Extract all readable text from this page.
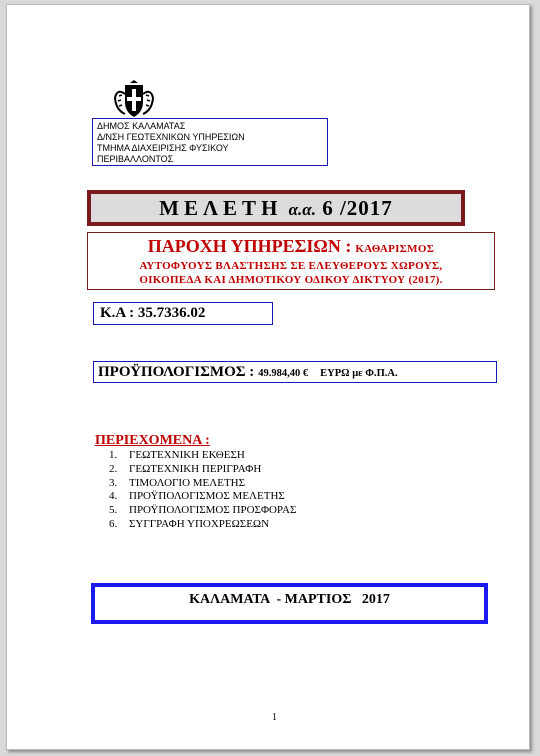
ΔΗΜΟΣ ΚΑΛΑΜΑΤΑΣ
Δ/ΝΣΗ ΓΕΩΤΕΧΝΙΚΩΝ ΥΠΗΡΕΣΙΩΝ
ΤΜΗΜΑ ΔΙΑΧΕΙΡΙΣΗΣ ΦΥΣΙΚΟΥ
ΠΕΡΙΒΑΛΛΟΝΤΟΣ
ΜΕΛΕΤΗ α.α. 6 /2017
ΠΑΡΟΧΗ ΥΠΗΡΕΣΙΩΝ : ΚΑΘΑΡΙΣΜΟΣ
ΑΥΤΟΦΥΟΥΣ ΒΛΑΣΤΗΣΗΣ ΣΕ ΕΛΕΥΘΕΡΟΥΣ ΧΩΡΟΥΣ,
ΟΙΚΟΠΕΔΑ ΚΑΙ ΔΗΜΟΤΙΚΟΥ ΟΔΙΚΟΥ ΔΙΚΤΥΟΥ (2017).
Κ.Α : 35.7336.02
ΠΡΟΫΠΟΛΟΓΙΣΜΟΣ : 49.984,40 € ΕΥΡΩ με Φ.Π.Α.
ΠΕΡΙΕΧΟΜΕΝΑ :
1. ΓΕΩΤΕΧΝΙΚΗ ΕΚΘΕΣΗ
2. ΓΕΩΤΕΧΝΙΚΗ ΠΕΡΙΓΡΑΦΗ
3. ΤΙΜΟΛΟΓΙΟ ΜΕΛΕΤΗΣ
4. ΠΡΟΫΠΟΛΟΓΙΣΜΟΣ ΜΕΛΕΤΗΣ
5. ΠΡΟΫΠΟΛΟΓΙΣΜΟΣ ΠΡΟΣΦΟΡΑΣ
6. ΣΥΓΓΡΑΦΗ ΥΠΟΧΡΕΩΣΕΩΝ
ΚΑΛΑΜΑΤΑ  - ΜΑΡΤΙΟΣ   2017
1
